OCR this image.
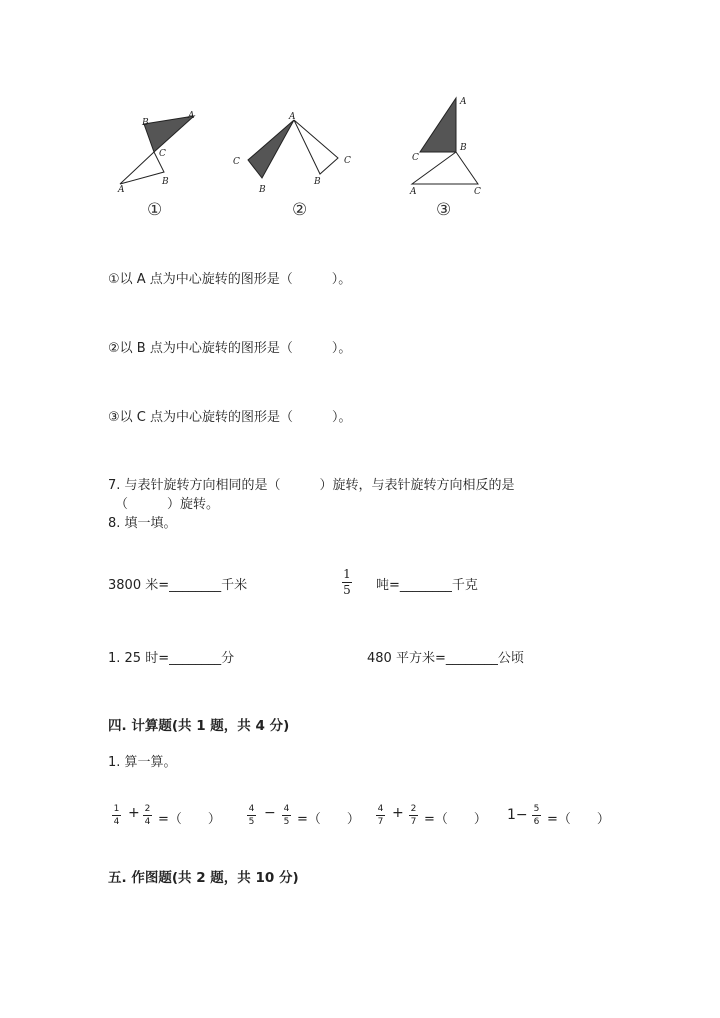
A
B
C
A
B
①
A
C
B
B
C
②
A
B
C
A	C
③
①以 A 点为中心旋转的图形是（　　　）。
②以 B 点为中心旋转的图形是（　　　）。
③以 C 点为中心旋转的图形是（　　　）。
7. 与表针旋转方向相同的是（　　　）旋转，与表针旋转方向相反的是
（　　　）旋转。
8. 填一填。
3800 米=________千米
1
5 吨=________千克
1. 25 时=________分	480 平方米=________公顷
四. 计算题(共 1 题，共 4 分)
1. 算一算。
1
4
+ 2
4 =（　　）
4
5
− 4
5 =（　　）
4
7
+ 2
7 =（　　） 1− 5
6 =（　　）
五. 作图题(共 2 题，共 10 分)
